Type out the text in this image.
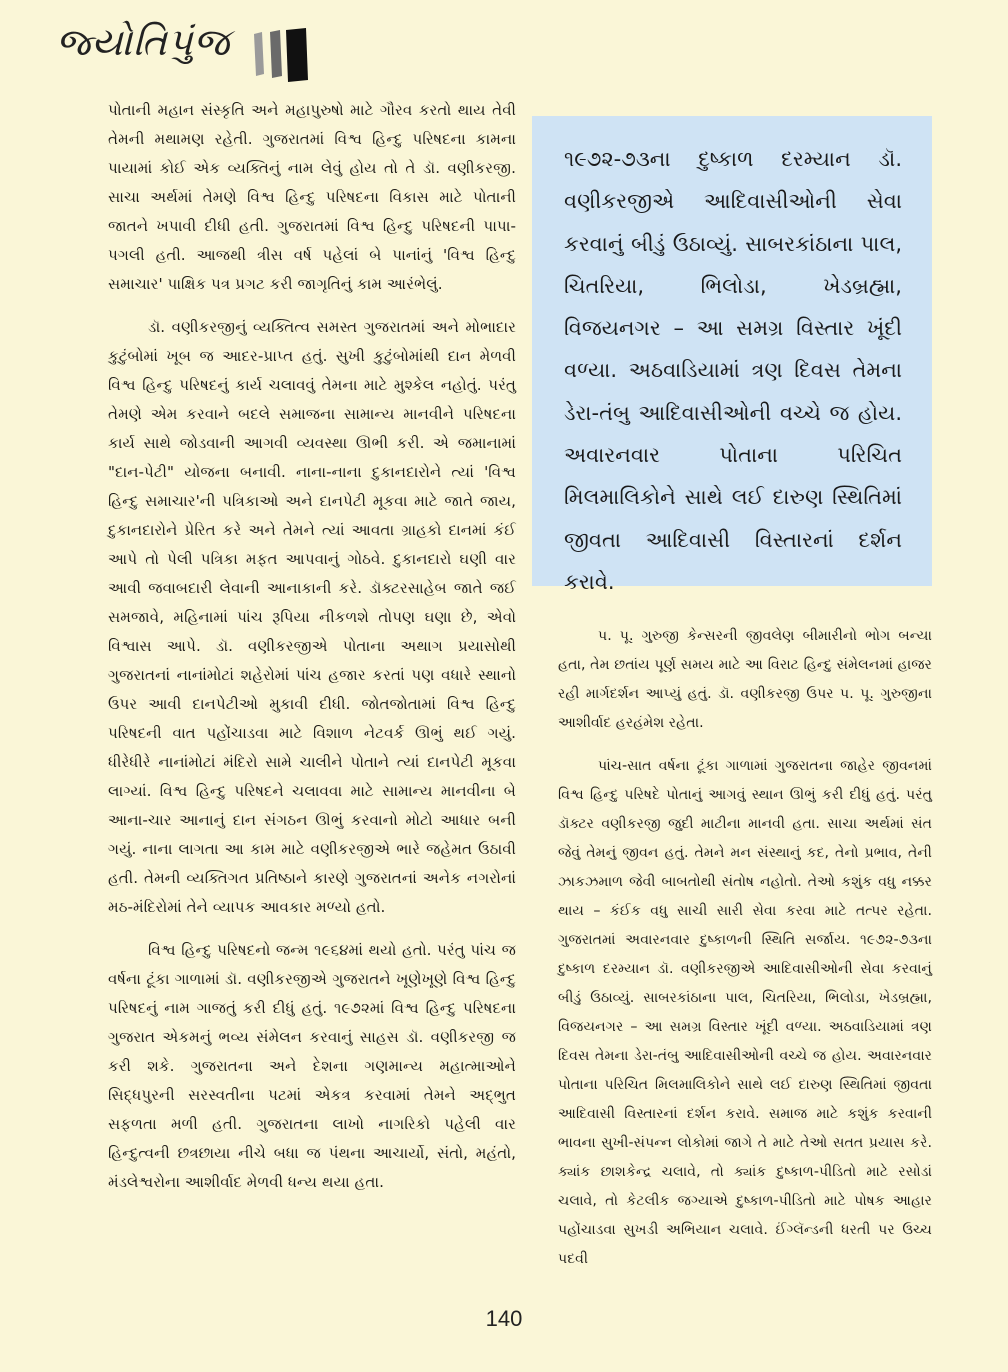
જ્યોતિપુંજ

પોતાની મહાન સંસ્કૃતિ અને મહાપુરુષો માટે ગૌરવ કરતો થાય તેવી તેમની મથામણ રહેતી. ગુજરાતમાં વિશ્વ હિન્દુ પરિષદના કામના પાયામાં કોઈ એક વ્યક્તિનું નામ લેવું હોય તો તે ડૉ. વણીકરજી. સાચા અર્થમાં તેમણે વિશ્વ હિન્દુ પરિષદના વિકાસ માટે પોતાની જાતને ખપાવી દીધી હતી. ગુજરાતમાં વિશ્વ હિન્દુ પરિષદની પાપા-પગલી હતી. આજથી ત્રીસ વર્ષ પહેલાં બે પાનાંનું 'વિશ્વ હિન્દુ સમાચાર' પાક્ષિક પત્ર પ્રગટ કરી જાગૃતિનું કામ આરંભેલું.

ડૉ. વણીકરજીનું વ્યક્તિત્વ સમસ્ત ગુજરાતમાં અને મોભાદાર કુટુંબોમાં ખૂબ જ આદર-પ્રાપ્ત હતું. સુખી કુટુંબોમાંથી દાન મેળવી વિશ્વ હિન્દુ પરિષદનું કાર્ય ચલાવવું તેમના માટે મુશ્કેલ નહોતું. પરંતુ તેમણે એમ કરવાને બદલે સમાજના સામાન્ય માનવીને પરિષદના કાર્ય સાથે જોડવાની આગવી વ્યવસ્થા ઊભી કરી. એ જમાનામાં "દાન-પેટી" યોજના બનાવી. નાના-નાના દુકાનદારોને ત્યાં 'વિશ્વ હિન્દુ સમાચાર'ની પત્રિકાઓ અને દાનપેટી મૂકવા માટે જાતે જાય, દુકાનદારોને પ્રેરિત કરે અને તેમને ત્યાં આવતા ગ્રાહકો દાનમાં કંઈ આપે તો પેલી પત્રિકા મફત આપવાનું ગોઠવે. દુકાનદારો ઘણી વાર આવી જવાબદારી લેવાની આનાકાની કરે. ડૉક્ટરસાહેબ જાતે જઈ સમજાવે, મહિનામાં પાંચ રૂપિયા નીકળશે તોપણ ઘણા છે, એવો વિશ્વાસ આપે. ડૉ. વણીકરજીએ પોતાના અથાગ પ્રયાસોથી ગુજરાતનાં નાનાંમોટાં શહેરોમાં પાંચ હજાર કરતાં પણ વધારે સ્થાનો ઉપર આવી દાનપેટીઓ મુકાવી દીધી. જોતજોતામાં વિશ્વ હિન્દુ પરિષદની વાત પહોંચાડવા માટે વિશાળ નેટવર્ક ઊભું થઈ ગયું. ધીરેધીરે નાનાંમોટાં મંદિરો સામે ચાલીને પોતાને ત્યાં દાનપેટી મૂકવા લાગ્યાં. વિશ્વ હિન્દુ પરિષદને ચલાવવા માટે સામાન્ય માનવીના બે આના-ચાર આનાનું દાન સંગઠન ઊભું કરવાનો મોટો આધાર બની ગયું. નાના લાગતા આ કામ માટે વણીકરજીએ ભારે જહેમત ઉઠાવી હતી. તેમની વ્યક્તિગત પ્રતિષ્ઠાને કારણે ગુજરાતનાં અનેક નગરોનાં મઠ-મંદિરોમાં તેને વ્યાપક આવકાર મળ્યો હતો.

વિશ્વ હિન્દુ પરિષદનો જન્મ ૧૯૬૪માં થયો હતો. પરંતુ પાંચ જ વર્ષના ટૂંકા ગાળામાં ડૉ. વણીકરજીએ ગુજરાતને ખૂણેખૂણે વિશ્વ હિન્દુ પરિષદનું નામ ગાજતું કરી દીધું હતું. ૧૯૭૨માં વિશ્વ હિન્દુ પરિષદના ગુજરાત એકમનું ભવ્ય સંમેલન કરવાનું સાહસ ડૉ. વણીકરજી જ કરી શકે. ગુજરાતના અને દેશના ગણમાન્ય મહાત્માઓને સિદ્ધપુરની સરસ્વતીના પટમાં એકત્ર કરવામાં તેમને અદ્‌ભુત સફળતા મળી હતી. ગુજરાતના લાખો નાગરિકો પહેલી વાર હિન્દુત્વની છત્રછાયા નીચે બધા જ પંથના આચાર્યો, સંતો, મહંતો, મંડલેશ્વરોના આશીર્વાદ મેળવી ધન્ય થયા હતા.

૧૯૭૨-૭૩ના દુષ્કાળ દરમ્યાન ડૉ. વણીકરજીએ આદિવાસીઓની સેવા કરવાનું બીડું ઉઠાવ્યું. સાબરકાંઠાના પાલ, ચિતરિયા, ભિલોડા, ખેડબ્રહ્મા, વિજયનગર – આ સમગ્ર વિસ્તાર ખૂંદી વળ્યા. અઠવાડિયામાં ત્રણ દિવસ તેમના ડેરા-તંબુ આદિવાસીઓની વચ્ચે જ હોય. અવારનવાર પોતાના પરિચિત મિલમાલિકોને સાથે લઈ દારુણ સ્થિતિમાં જીવતા આદિવાસી વિસ્તારનાં દર્શન કરાવે.

પ. પૂ. ગુરુજી કેન્સરની જીવલેણ બીમારીનો ભોગ બન્યા હતા, તેમ છતાંય પૂર્ણ સમય માટે આ વિરાટ હિન્દુ સંમેલનમાં હાજર રહી માર્ગદર્શન આપ્યું હતું. ડૉ. વણીકરજી ઉપર પ. પૂ. ગુરુજીના આશીર્વાદ હરહંમેશ રહેતા.

પાંચ-સાત વર્ષના ટૂંકા ગાળામાં ગુજરાતના જાહેર જીવનમાં વિશ્વ હિન્દુ પરિષદે પોતાનું આગવું સ્થાન ઊભું કરી દીધું હતું. પરંતુ ડૉક્ટર વણીકરજી જુદી માટીના માનવી હતા. સાચા અર્થમાં સંત જેવું તેમનું જીવન હતું. તેમને મન સંસ્થાનું કદ, તેનો પ્રભાવ, તેની ઝાકઝમાળ જેવી બાબતોથી સંતોષ નહોતો. તેઓ કશુંક વધુ નક્કર થાય – કંઈક વધુ સાચી સારી સેવા કરવા માટે તત્પર રહેતા. ગુજરાતમાં અવારનવાર દુષ્કાળની સ્થિતિ સર્જાય. ૧૯૭૨-૭૩ના દુષ્કાળ દરમ્યાન ડૉ. વણીકરજીએ આદિવાસીઓની સેવા કરવાનું બીડું ઉઠાવ્યું. સાબરકાંઠાના પાલ, ચિતરિયા, ભિલોડા, ખેડબ્રહ્મા, વિજયનગર – આ સમગ્ર વિસ્તાર ખૂંદી વળ્યા. અઠવાડિયામાં ત્રણ દિવસ તેમના ડેરા-તંબુ આદિવાસીઓની વચ્ચે જ હોય. અવારનવાર પોતાના પરિચિત મિલમાલિકોને સાથે લઈ દારુણ સ્થિતિમાં જીવતા આદિવાસી વિસ્તારનાં દર્શન કરાવે. સમાજ માટે કશુંક કરવાની ભાવના સુખી-સંપન્ન લોકોમાં જાગે તે માટે તેઓ સતત પ્રયાસ કરે. ક્યાંક છાશકેન્દ્ર ચલાવે, તો ક્યાંક દુષ્કાળ-પીડિતો માટે રસોડાં ચલાવે, તો કેટલીક જગ્યાએ દુષ્કાળ-પીડિતો માટે પોષક આહાર પહોંચાડવા સુખડી અભિયાન ચલાવે. ઈંગ્લૅન્ડની ધરતી પર ઉચ્ચ પદવી

140
